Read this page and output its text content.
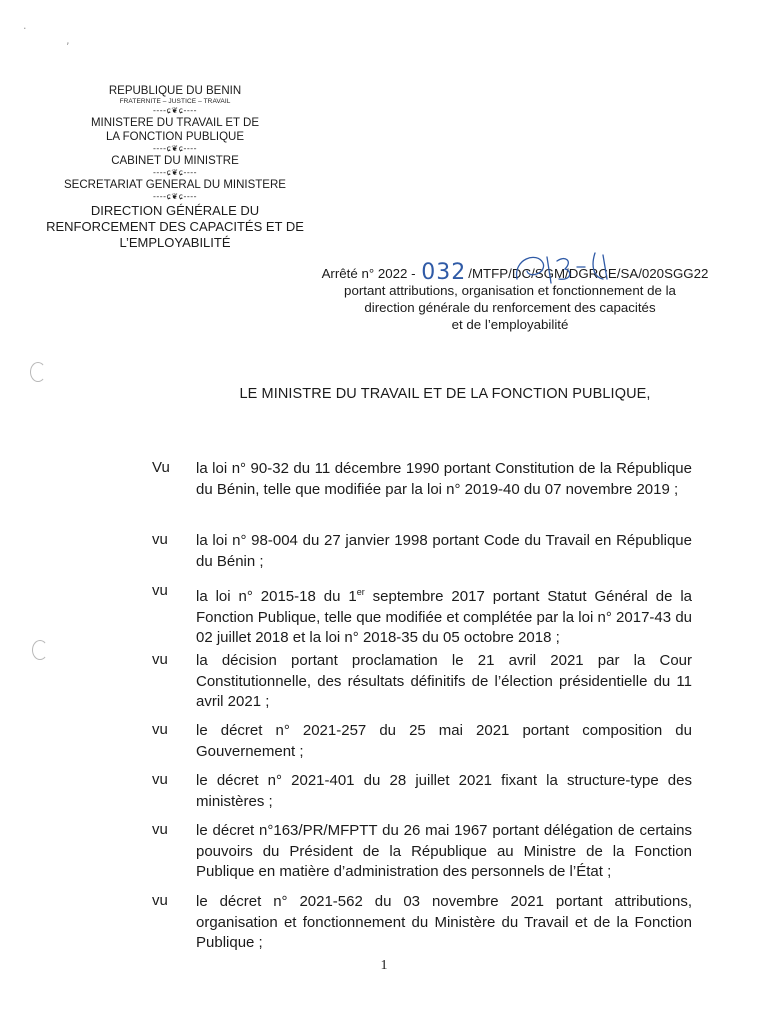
·
‚
REPUBLIQUE DU BENIN
FRATERNITE – JUSTICE – TRAVAIL
----ɕ❦ɕ----
MINISTERE DU TRAVAIL ET DE
LA FONCTION PUBLIQUE
----ɕ❦ɕ----
CABINET DU MINISTRE
----ɕ❦ɕ----
SECRETARIAT GENERAL DU MINISTERE
----ɕ❦ɕ----
DIRECTION GÉNÉRALE DU
RENFORCEMENT DES CAPACITÉS ET DE
L’EMPLOYABILITÉ
Arrêté n° 2022 - 032 /MTFP/DC/SGM/DGRCE/SA/020SGG22
portant attributions, organisation et fonctionnement de la
direction générale du renforcement des capacités
et de l’employabilité
LE MINISTRE DU TRAVAIL ET DE LA FONCTION PUBLIQUE,
Vu la loi n° 90-32 du 11 décembre 1990 portant Constitution de la République du Bénin, telle que modifiée par la loi n° 2019-40 du 07 novembre 2019 ;
vu la loi n° 98-004 du 27 janvier 1998 portant Code du Travail en République du Bénin ;
vu la loi n° 2015-18 du 1er septembre 2017 portant Statut Général de la Fonction Publique, telle que modifiée et complétée par la loi n° 2017-43 du 02 juillet 2018 et la loi n° 2018-35 du 05 octobre 2018 ;
vu la décision portant proclamation le 21 avril 2021 par la Cour Constitutionnelle, des résultats définitifs de l’élection présidentielle du 11 avril 2021 ;
vu le décret n° 2021-257 du 25 mai 2021 portant composition du Gouvernement ;
vu le décret n° 2021-401 du 28 juillet 2021 fixant la structure-type des ministères ;
vu le décret n°163/PR/MFPTT du 26 mai 1967 portant délégation de certains pouvoirs du Président de la République au Ministre de la Fonction Publique en matière d’administration des personnels de l’État ;
vu le décret n° 2021-562 du 03 novembre 2021 portant attributions, organisation et fonctionnement du Ministère du Travail et de la Fonction Publique ;
1
